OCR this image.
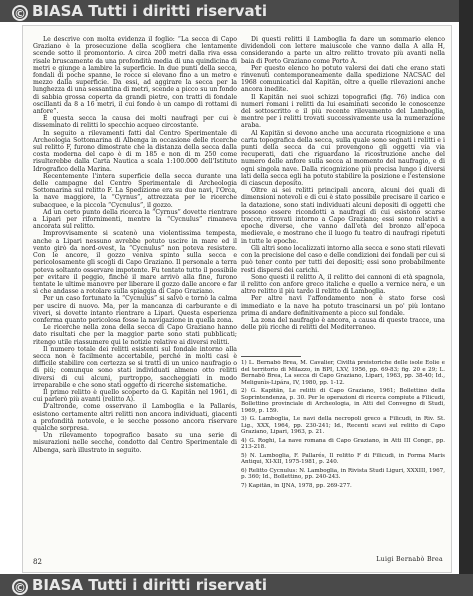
© BIASA Tutti i diritti riservati

Le descrive con molta evidenza il foglio: “La secca di Capo Graziano è la prosecuzione della scogliera che lentamente scende sotto il promontorio. A circa 200 metri dalla riva essa risale bruscamente da una profondità media di una quindicina di metri e giunge a lambire la superficie. In due punti della secca, fondali di poche spanne, le rocce si elevano fino a un metro e mezzo dalla superficie. Da essi, ad aggirare la secca per la lunghezza di una sessantina di metri, scende a picco su un fondo di sabbia grossa coperta da grandi pietre, con tratti di fondale oscillanti da 8 a 16 metri, il cui fondo è un campo di rottami di anfore”.

È questa secca la causa dei molti naufragi per cui è disseminato di relitti lo specchio acqueo circostante.

In seguito a rilevamenti fatti dal Centro Sperimentale di Archeologia Sottomarina di Albenga in occasione delle ricerche sul relitto F, furono dimostrate che la distanza della secca dalla costa moderna del capo è di m 185 e non di m 250 come risulterebbe dalla Carta Nautica a scala 1:100.000 dell'Istituto Idrografico della Marina.

Recentemente l'intera superficie della secca durante una delle campagne del Centro Sperimentale di Archeologia Sottomarina sul relitto F. La Spedizione era su due navi, l'Orca, la nave maggiore, la “Cyrnus”, attrezzata per le ricerche subacquee, e la piccola “Cycnulus”, il gozzo.

Ad un certo punto della ricerca la “Cyrnus” dovette rientrare a Lipari per rifornimenti, mentre la “Cycnulus” rimaneva ancorata sul relitto.

Improvvisamente si scatenò una violentissima tempesta, anche a Lipari nessuno avrebbe potuto uscire in mare ed il vento girò da nord-ovest, la “Cycnulus” non poteva resistere. Con le ancore, il gozzo veniva spinto sulla secca e pericolosamente gli scogli di Capo Graziano. Il personale a terra poteva soltanto osservare impotente. Fu tentato tutto il possibile per evitare il peggio, finché il mare arrivò alla fine, furono tentate le ultime manovre per liberare il gozzo dalle ancore e far sì che andasse a rotolare sulla spiaggia di Capo Graziano.

Per un caso fortunato la “Cycnulus” si salvò e tornò la calma per uscire di nuovo. Ma, per la mancanza di carburante e di viveri, si dovette intanto rientrare a Lipari. Questa esperienza conferma quanto pericolosa fosse la navigazione in quella zona.

Le ricerche nella zona della secca di Capo Graziano hanno dato risultati che per la maggior parte sono stati pubblicati; ritengo utile riassumere qui le notizie relative ai diversi relitti.

Il numero totale dei relitti esistenti sul fondale intorno alla secca non è facilmente accertabile, perché in molti casi è difficile stabilire con certezza se si tratti di un unico naufragio o di più; comunque sono stati individuati almeno otto relitti diversi di cui alcuni, purtroppo, saccheggiati in modo irreparabile e che sono stati oggetto di ricerche sistematiche.

Il primo relitto è quello scoperto da G. Kapitän nel 1961, di cui parlerò più avanti (relitto A).

D'altronde, come osservano il Lamboglia e la Pallarés, esistono certamente altri relitti non ancora individuati, giacenti a profondità notevole, e le secche possono ancora riservare qualche sorpresa.

Un rilevamento topografico basato su una serie di misurazioni nelle secche, condotto dal Centro Sperimentale di Albenga, sarà illustrato in seguito.

Di questi relitti il Lamboglia fa dare un sommario elenco dividendoli con lettere maiuscole che vanno dalla A alla H, considerando a parte un altro relitto trovato più avanti nella baia di Porto Graziano come Porto A.

Per questo elenco ho potuto valersi dei dati che erano stati rinvenuti contemporaneamente dalla spedizione NACSAC del 1968 comunicatici dal Kapitän, oltre a quelle rilevazioni anche ancora inedite.

Il Kapitän nei suoi schizzi topografici (fig. 76) indica con numeri romani i relitti da lui esaminati secondo le conoscenze del sottoscritto e il più recente rilevamento del Lamboglia, mentre per i relitti trovati successivamente usa la numerazione araba.

Al Kapitän si devono anche una accurata ricognizione e una carta topografica della secca, sulla quale sono segnati i relitti e i punti della secca da cui provengono gli oggetti via via recuperati, dati che riguardano la ricostruzione anche del numero delle anfore sulla secca al momento del naufragio, e di ogni singola nave. Dalla ricognizione più precisa lungo i diversi lati della secca egli ha potuto stabilire la posizione e l'estensione di ciascun deposito.

Oltre ai sei relitti principali ancora, alcuni dei quali di dimensioni notevoli e di cui è stato possibile precisare il carico e la datazione, sono stati individuati alcuni depositi di oggetti che possono essere ricondotti a naufragi di cui esistono scarse tracce, ritrovati intorno a Capo Graziano; essi sono relativi a epoche diverse, che vanno dall'età del bronzo all'epoca medievale, e mostrano che il luogo fu teatro di naufragi ripetuti in tutte le epoche.

Gli altri sono localizzati intorno alla secca e sono stati rilevati con la precisione del caso e delle condizioni dei fondali per cui si può tener conto per tutti dei depositi; essi sono probabilmente resti dispersi dei carichi.

Sono questi il relitto A, il relitto dei cannoni di età spagnola, il relitto con anfore greco italiche e quello a vernice nera, e un altro relitto il più tardo il relitto di Lamboglia.

Per altre navi l'affondamento non è stato forse così immediato e la nave ha potuto trascinarsi un po' più lontano prima di andare definitivamente a picco sul fondale.

La zona del naufragio è ancora, a causa di queste tracce, una delle più ricche di relitti del Mediterraneo.

1) L. Bernabò Brea, M. Cavalier, Civiltà preistoriche delle isole Eolie e del territorio di Milazzo, in BPI, LXV, 1956, pp. 69-83; fig. 20 e 29; L. Bernabò Brea, La secca di Capo Graziano, Lipari, 1963, pp. 38-40; Id., Meligunìs-Lipára, IV, 1980, pp. 1-12.
2) G. Kapitän, Le relitti di Capo Graziano, 1961; Bollettino della Soprintendenza, p. 30. Per le operazioni di ricerca compiute a Filicudi, Bollettino provinciale di Archeologia, in Atti del Convegno di Studi, 1969, p. 159.
3) G. Lamboglia, Le navi della necropoli greco a Filicudi, in Riv. St. Lig., XXX, 1964, pp. 230-241; Id., Recenti scavi sul relitto di Capo Graziano, Lipari, 1963, p. 21.
4) G. Roghi, La nave romana di Capo Graziano, in Atti III Congr., pp. 213-218.
5) N. Lamboglia, F. Pallarés, Il relitto F di Filicudi, in Forma Maris Antiqui, XI-XII, 1975-1981, p. 240.
6) Relitto Cycnulus: N. Lamboglia, in Rivista Studi Liguri, XXXIII, 1967, p. 360; Id., Bollettino, pp. 240-243.
7) Kapitän, in IJNA, 1978, pp. 269-277.
82	Luigi Bernabò Brea
© BIASA Tutti i diritti riservati
